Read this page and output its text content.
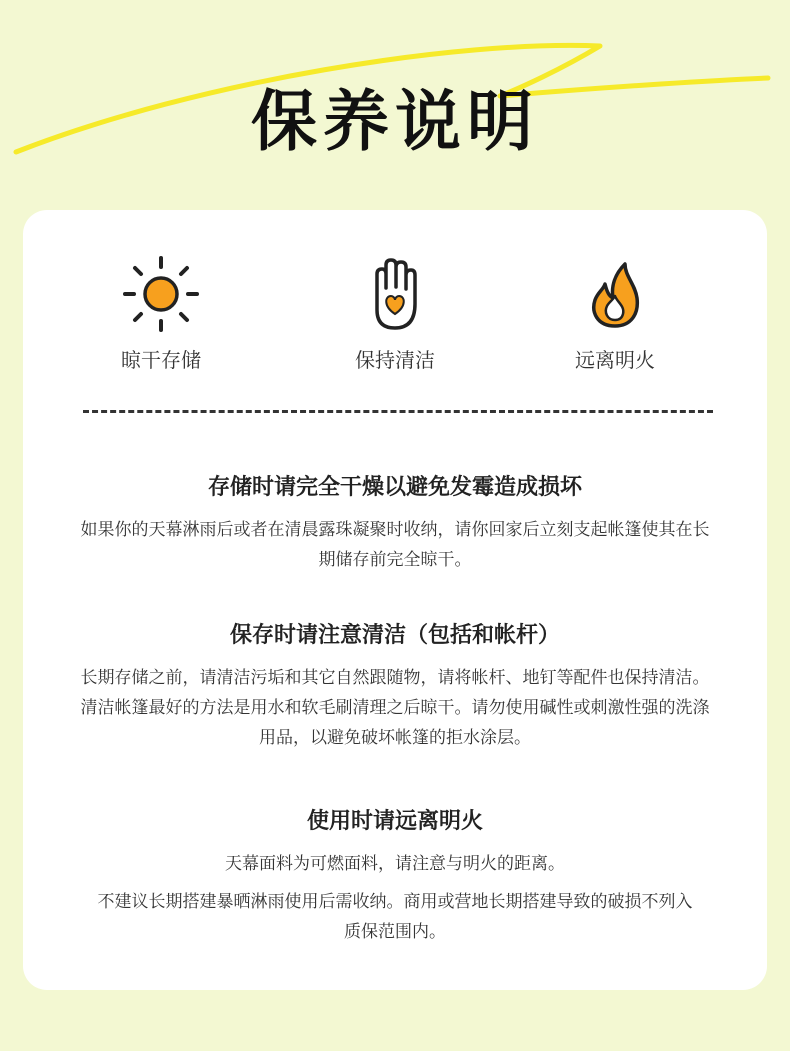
保养说明
晾干存储	保持清洁	远离明火
存储时请完全干燥以避免发霉造成损坏

如果你的天幕淋雨后或者在清晨露珠凝聚时收纳，请你回家后立刻支起帐篷使其在长期储存前完全晾干。

保存时请注意清洁（包括和帐杆）

长期存储之前，请清洁污垢和其它自然跟随物，请将帐杆、地钉等配件也保持清洁。清洁帐篷最好的方法是用水和软毛刷清理之后晾干。请勿使用碱性或刺激性强的洗涤用品，以避免破坏帐篷的拒水涂层。

使用时请远离明火

天幕面料为可燃面料，请注意与明火的距离。

不建议长期搭建暴晒淋雨使用后需收纳。商用或营地长期搭建导致的破损不列入质保范围内。
